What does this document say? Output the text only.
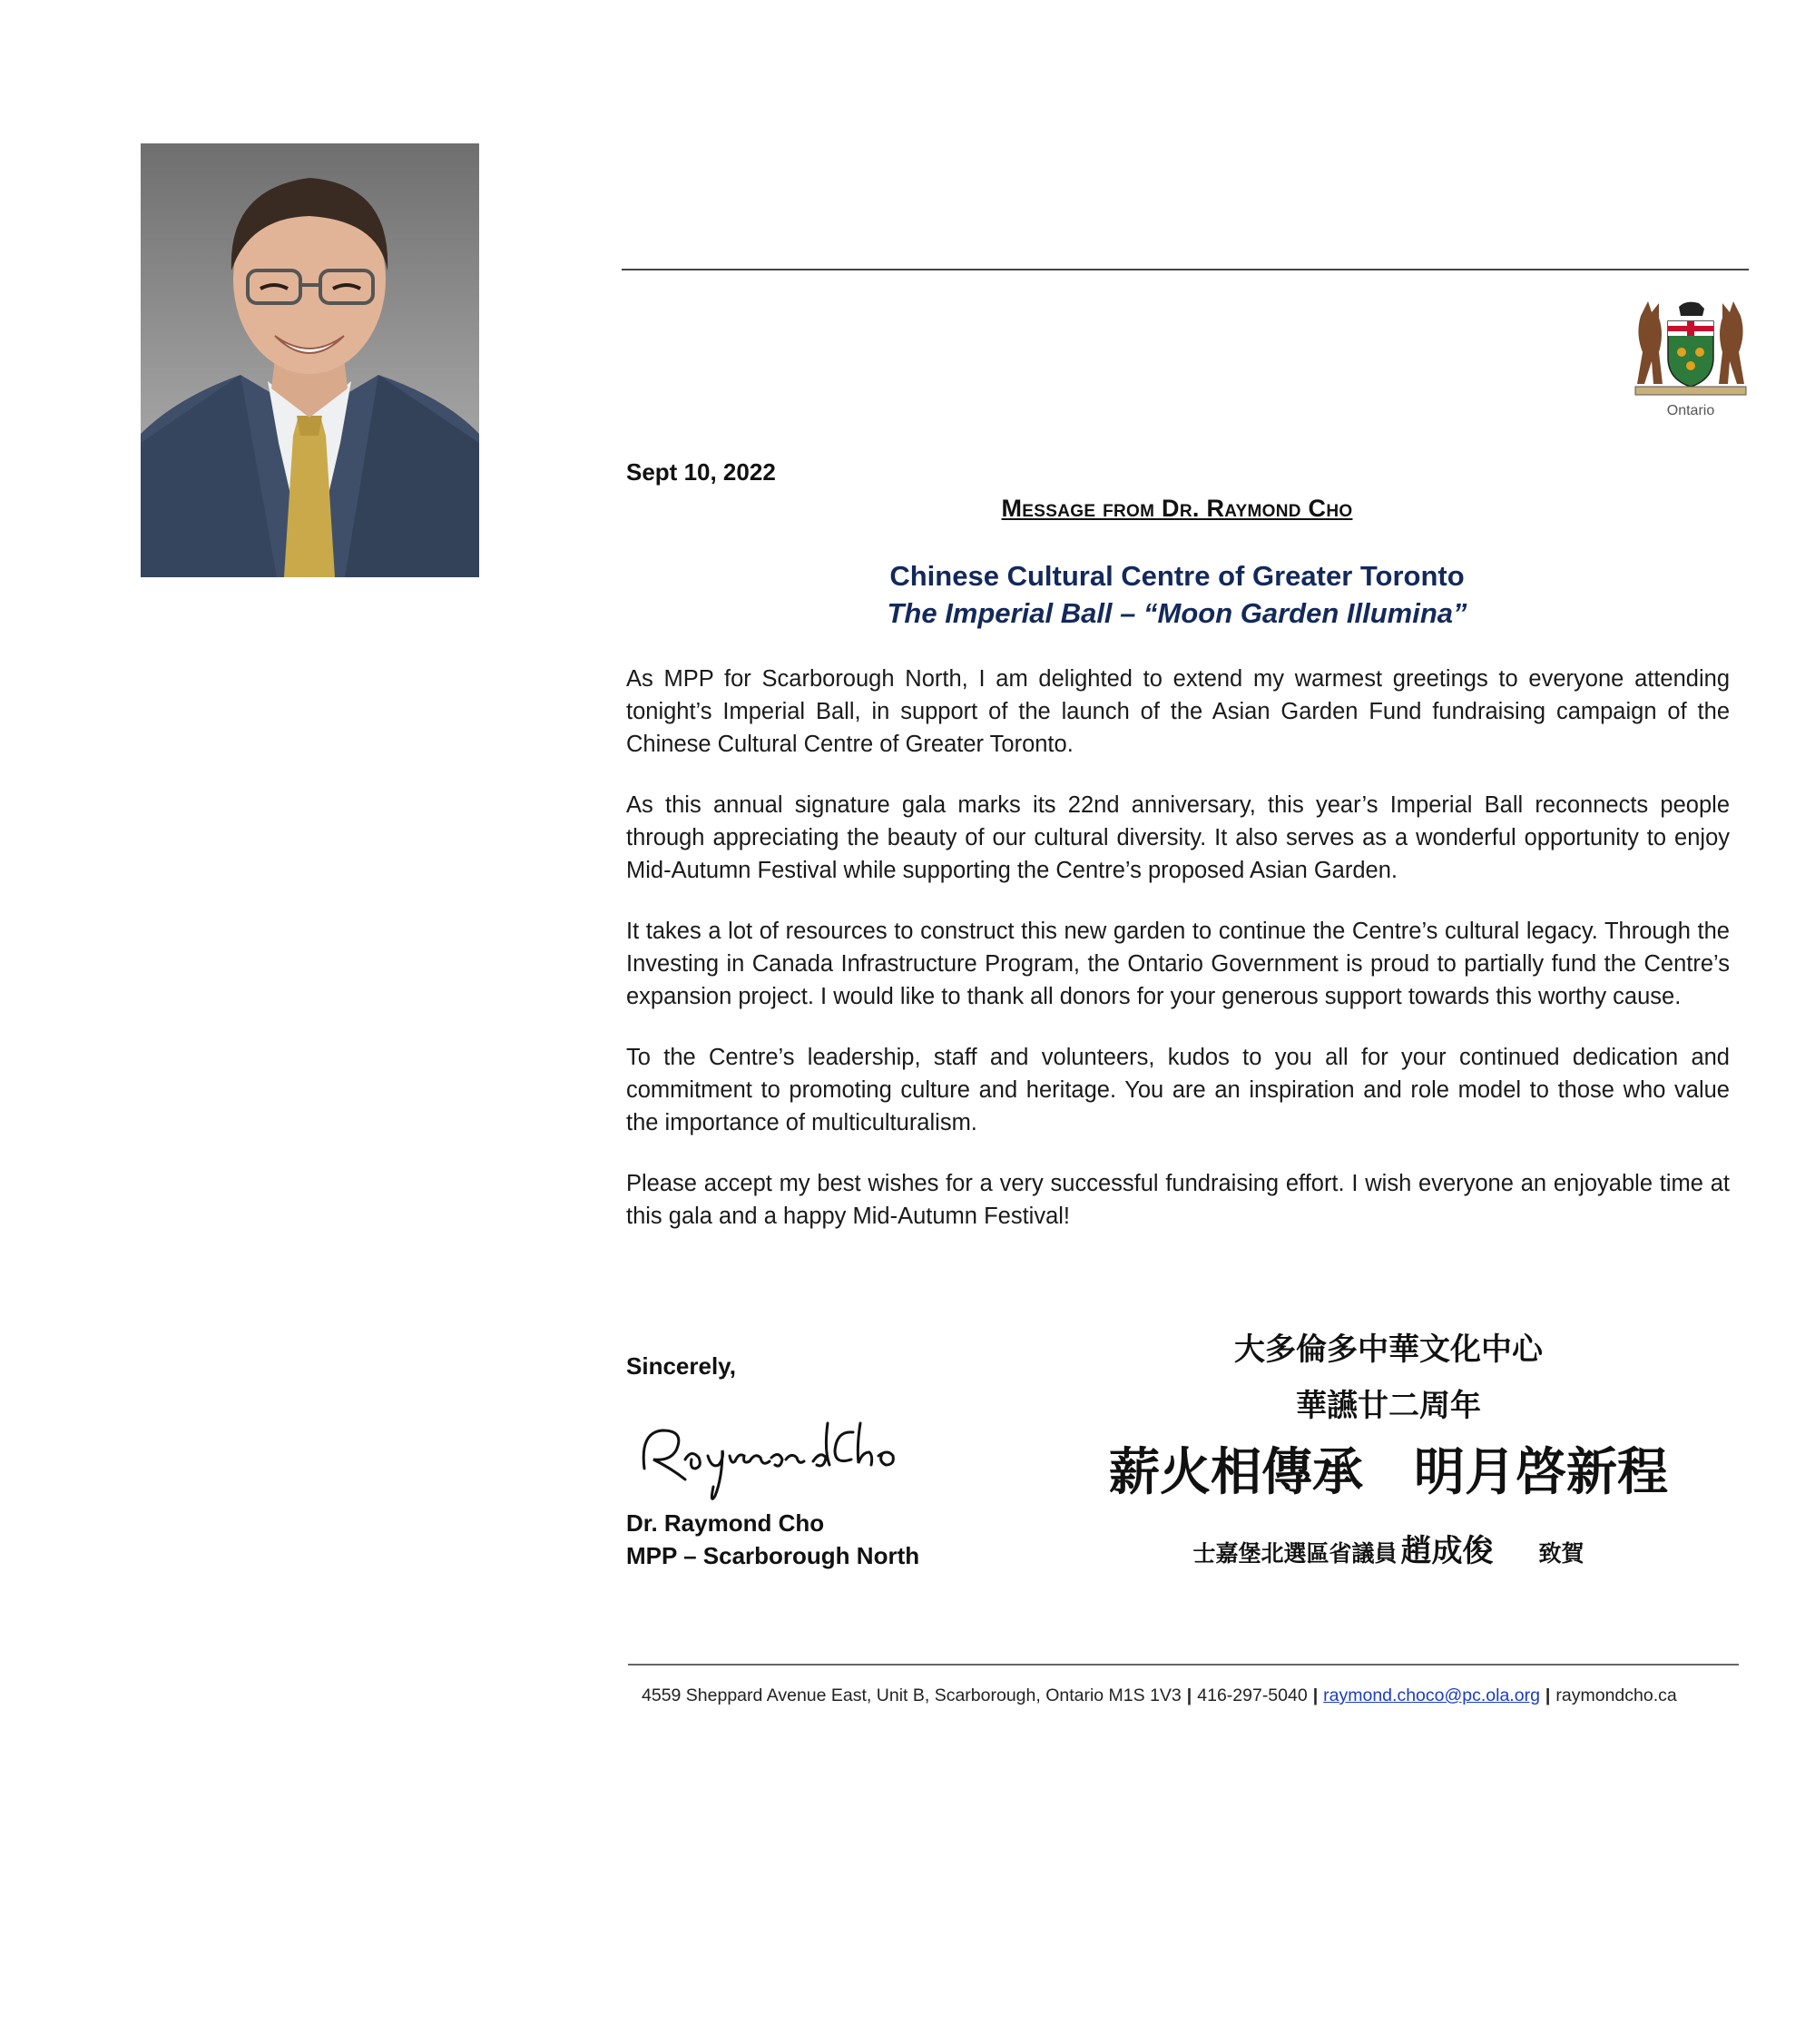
Ontario
Sept 10, 2022
Message from Dr. Raymond Cho
Chinese Cultural Centre of Greater Toronto
The Imperial Ball – “Moon Garden Illumina”

As MPP for Scarborough North, I am delighted to extend my warmest greetings to everyone attending tonight’s Imperial Ball, in support of the launch of the Asian Garden Fund fundraising campaign of the Chinese Cultural Centre of Greater Toronto.

As this annual signature gala marks its 22nd anniversary, this year’s Imperial Ball reconnects people through appreciating the beauty of our cultural diversity. It also serves as a wonderful opportunity to enjoy Mid-Autumn Festival while supporting the Centre’s proposed Asian Garden.

It takes a lot of resources to construct this new garden to continue the Centre’s cultural legacy. Through the Investing in Canada Infrastructure Program, the Ontario Government is proud to partially fund the Centre’s expansion project. I would like to thank all donors for your generous support towards this worthy cause.

To the Centre’s leadership, staff and volunteers, kudos to you all for your continued dedication and commitment to promoting culture and heritage. You are an inspiration and role model to those who value the importance of multiculturalism.

Please accept my best wishes for a very successful fundraising effort. I wish everyone an enjoyable time at this gala and a happy Mid-Autumn Festival!

Sincerely,
Dr. Raymond Cho
MPP – Scarborough North
大多倫多中華文化中心
華讌廿二周年
薪火相傳承　明月啓新程
士嘉堡北選區省議員 趙成俊 致賀
4559 Sheppard Avenue East, Unit B, Scarborough, Ontario M1S 1V3 | 416-297-5040 | raymond.choco@pc.ola.org | raymondcho.ca
